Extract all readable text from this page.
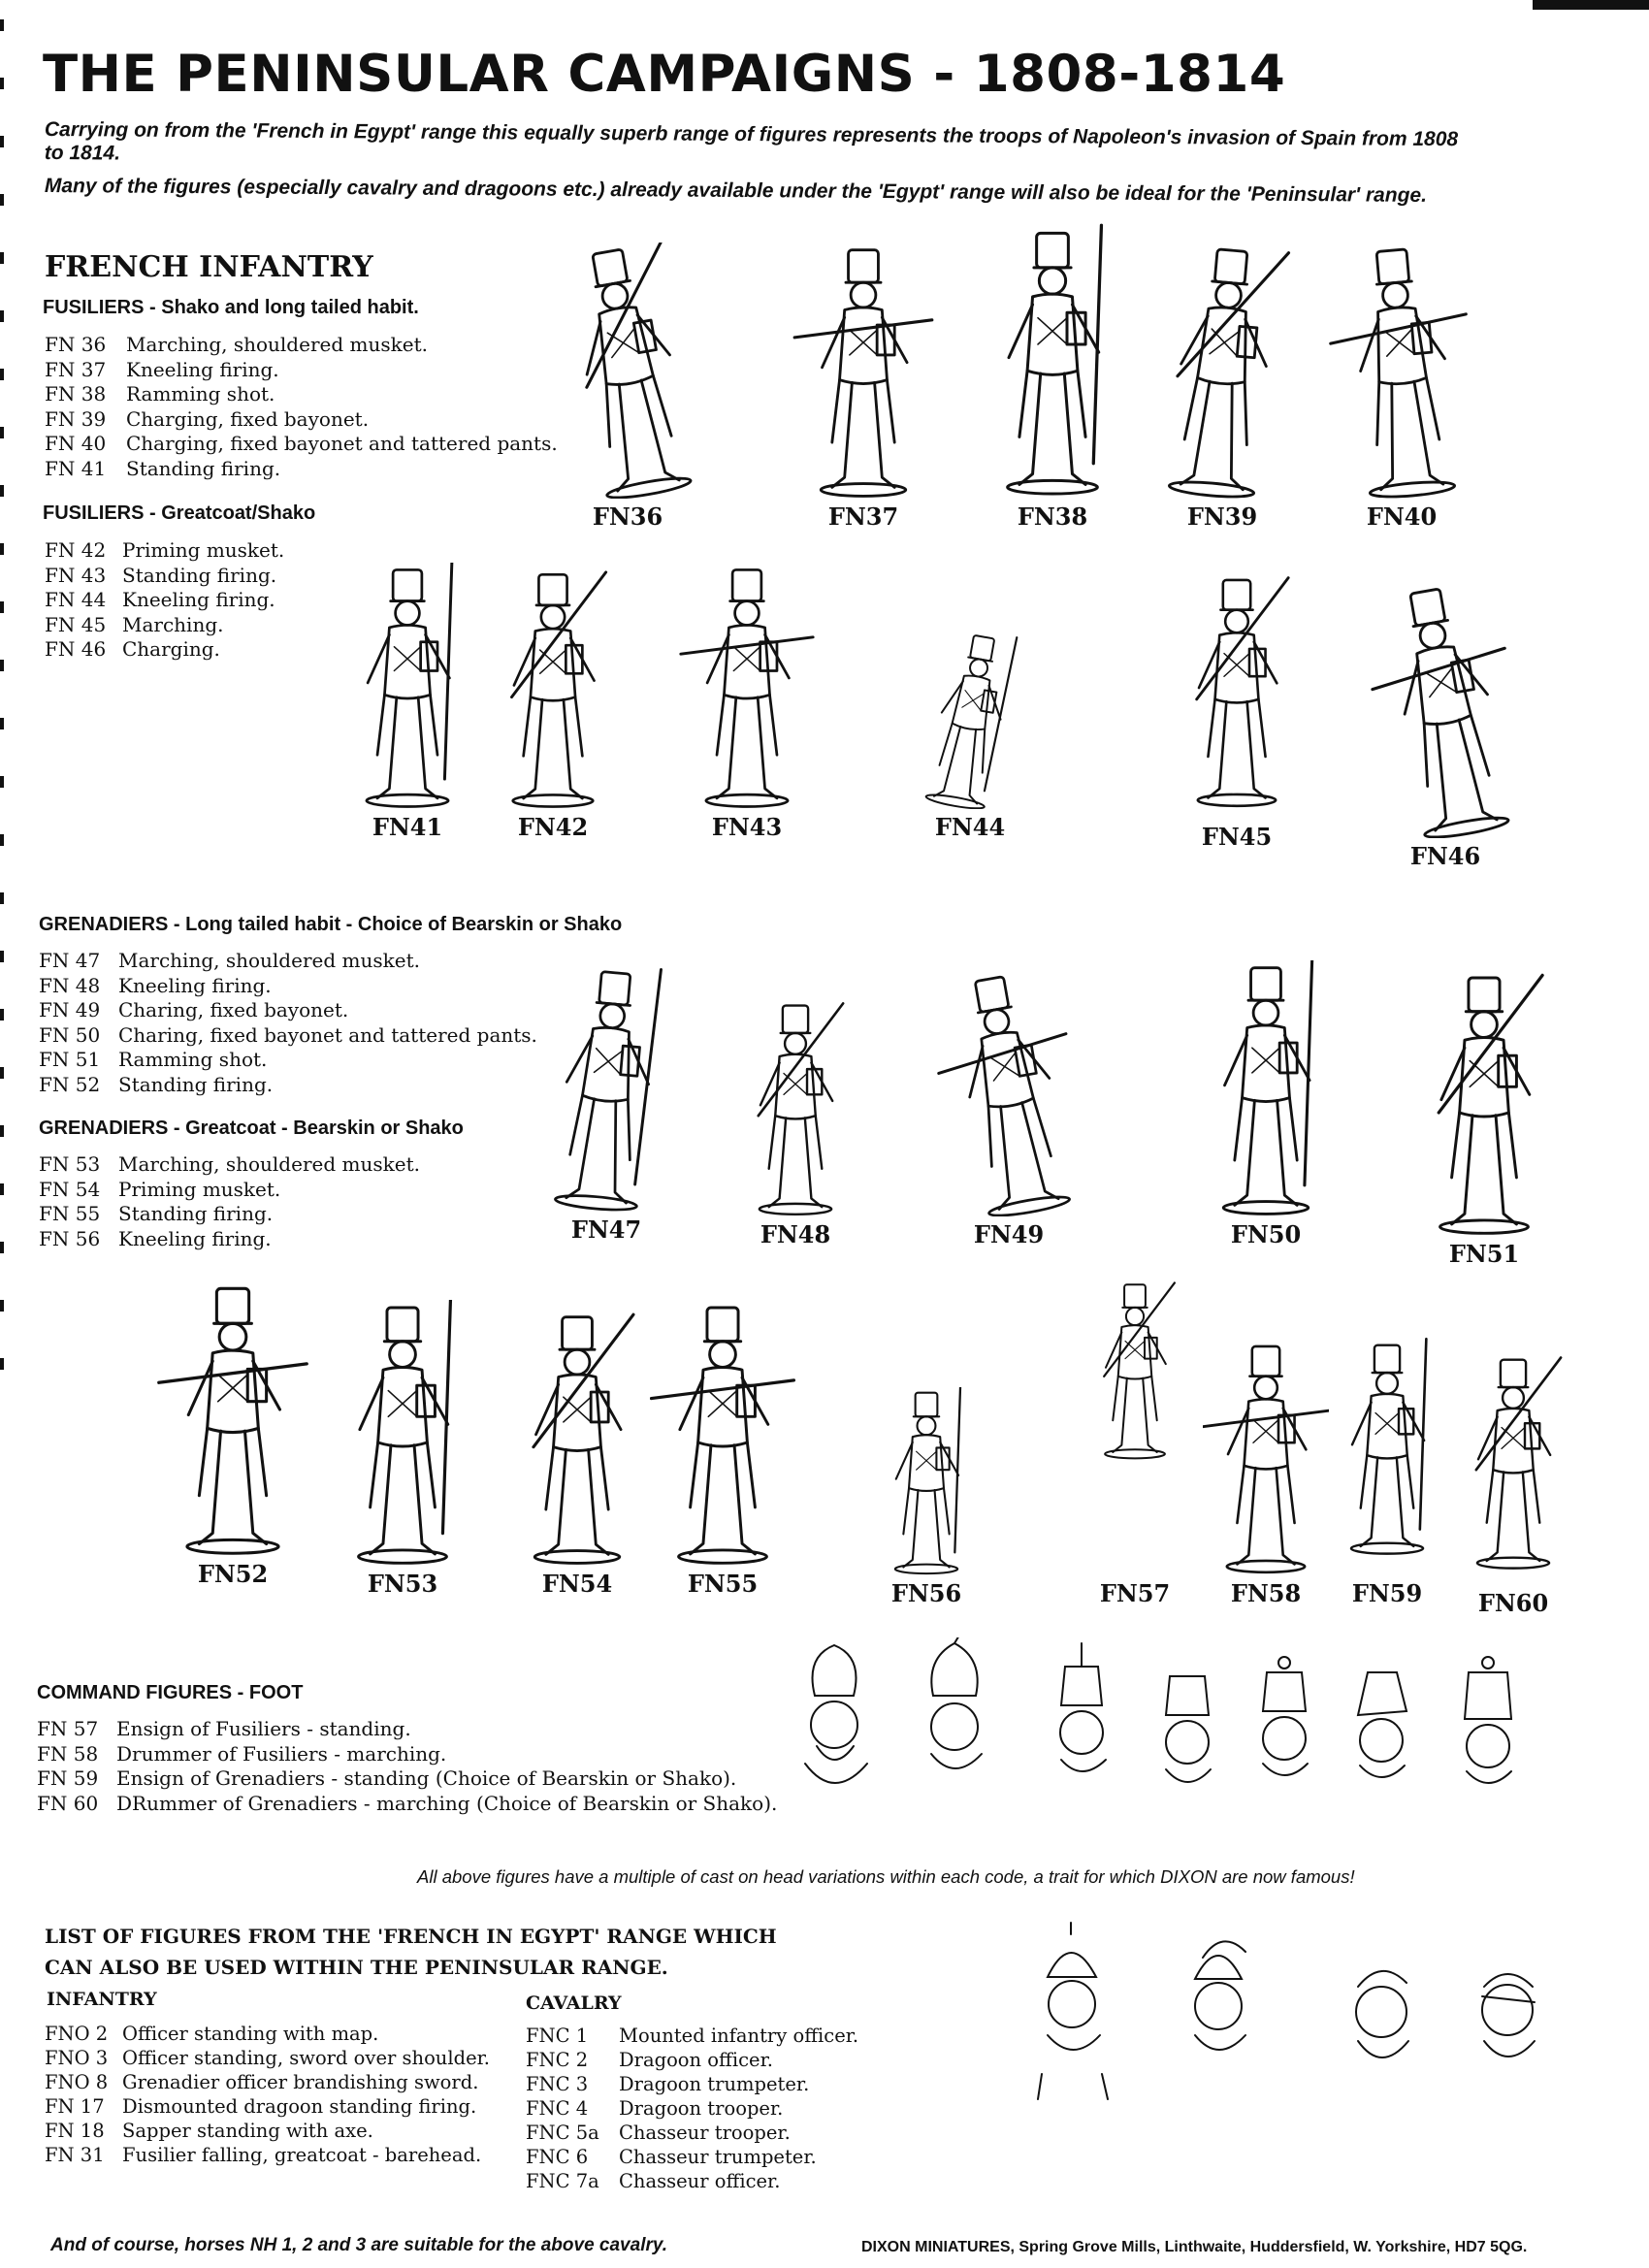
THE PENINSULAR CAMPAIGNS - 1808-1814

Carrying on from the 'French in Egypt' range this equally superb range of figures represents the troops of Napoleon's invasion of Spain from 1808 to 1814.

Many of the figures (especially cavalry and dragoons etc.) already available under the 'Egypt' range will also be ideal for the 'Peninsular' range.

FRENCH INFANTRY
FUSILIERS - Shako and long tailed habit.
FN 36	Marching, shouldered musket.
FN 37	Kneeling firing.
FN 38	Ramming shot.
FN 39	Charging, fixed bayonet.
FN 40	Charging, fixed bayonet and tattered pants.
FN 41	Standing firing.
FUSILIERS - Greatcoat/Shako
FN 42 Priming musket.
FN 43 Standing firing.
FN 44 Kneeling firing.
FN 45 Marching.
FN 46 Charging.
GRENADIERS - Long tailed habit - Choice of Bearskin or Shako
FN 47 Marching, shouldered musket.
FN 48 Kneeling firing.
FN 49 Charing, fixed bayonet.
FN 50 Charing, fixed bayonet and tattered pants.
FN 51 Ramming shot.
FN 52 Standing firing.
GRENADIERS - Greatcoat - Bearskin or Shako
FN 53 Marching, shouldered musket.
FN 54 Priming musket.
FN 55 Standing firing.
FN 56 Kneeling firing.
COMMAND FIGURES - FOOT
FN 57 Ensign of Fusiliers - standing.
FN 58 Drummer of Fusiliers - marching.
FN 59 Ensign of Grenadiers - standing (Choice of Bearskin or Shako).
FN 60 DRummer of Grenadiers - marching (Choice of Bearskin or Shako).
FN36	FN37	FN38	FN39	FN40
FN41	FN42	FN43	FN44	FN45
FN46
FN47	FN48	FN49	FN50
FN51
FN52	FN53	FN54	FN55	FN56	FN57	FN58 FN59 FN60
All above figures have a multiple of cast on head variations within each code, a trait for which DIXON are now famous!
LIST OF FIGURES FROM THE 'FRENCH IN EGYPT' RANGE WHICH
CAN ALSO BE USED WITHIN THE PENINSULAR RANGE.
INFANTRY
FNO 2 Officer standing with map.
FNO 3 Officer standing, sword over shoulder.
FNO 8 Grenadier officer brandishing sword.
FN 17 Dismounted dragoon standing firing.
FN 18 Sapper standing with axe.
FN 31 Fusilier falling, greatcoat - barehead.
CAVALRY
FNC 1	Mounted infantry officer.
FNC 2	Dragoon officer.
FNC 3	Dragoon trumpeter.
FNC 4	Dragoon trooper.
FNC 5a	Chasseur trooper.
FNC 6	Chasseur trumpeter.
FNC 7a	Chasseur officer.
And of course, horses NH 1, 2 and 3 are suitable for the above cavalry.	DIXON MINIATURES, Spring Grove Mills, Linthwaite, Huddersfield, W. Yorkshire, HD7 5QG.
